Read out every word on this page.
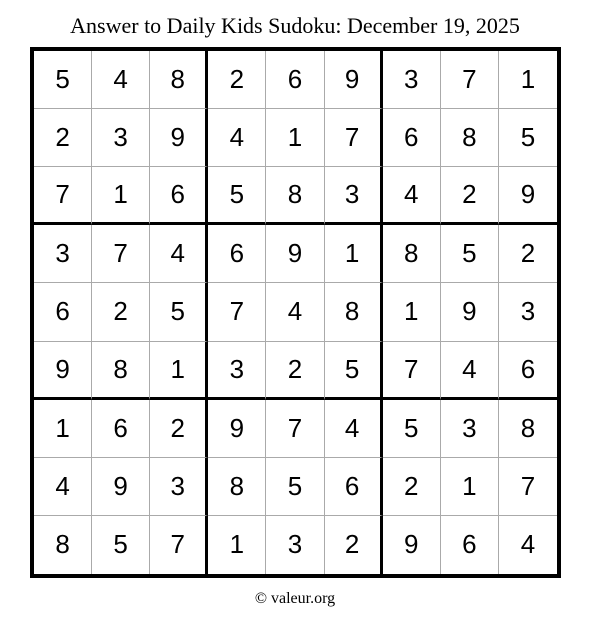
Answer to Daily Kids Sudoku: December 19, 2025
5	4	8	2	6	9	3	7	1
2	3	9	4	1	7	6	8	5
7	1	6	5	8	3	4	2	9
3	7	4	6	9	1	8	5	2
6	2	5	7	4	8	1	9	3
9	8	1	3	2	5	7	4	6
1	6	2	9	7	4	5	3	8
4	9	3	8	5	6	2	1	7
8	5	7	1	3	2	9	6	4
© valeur.org
